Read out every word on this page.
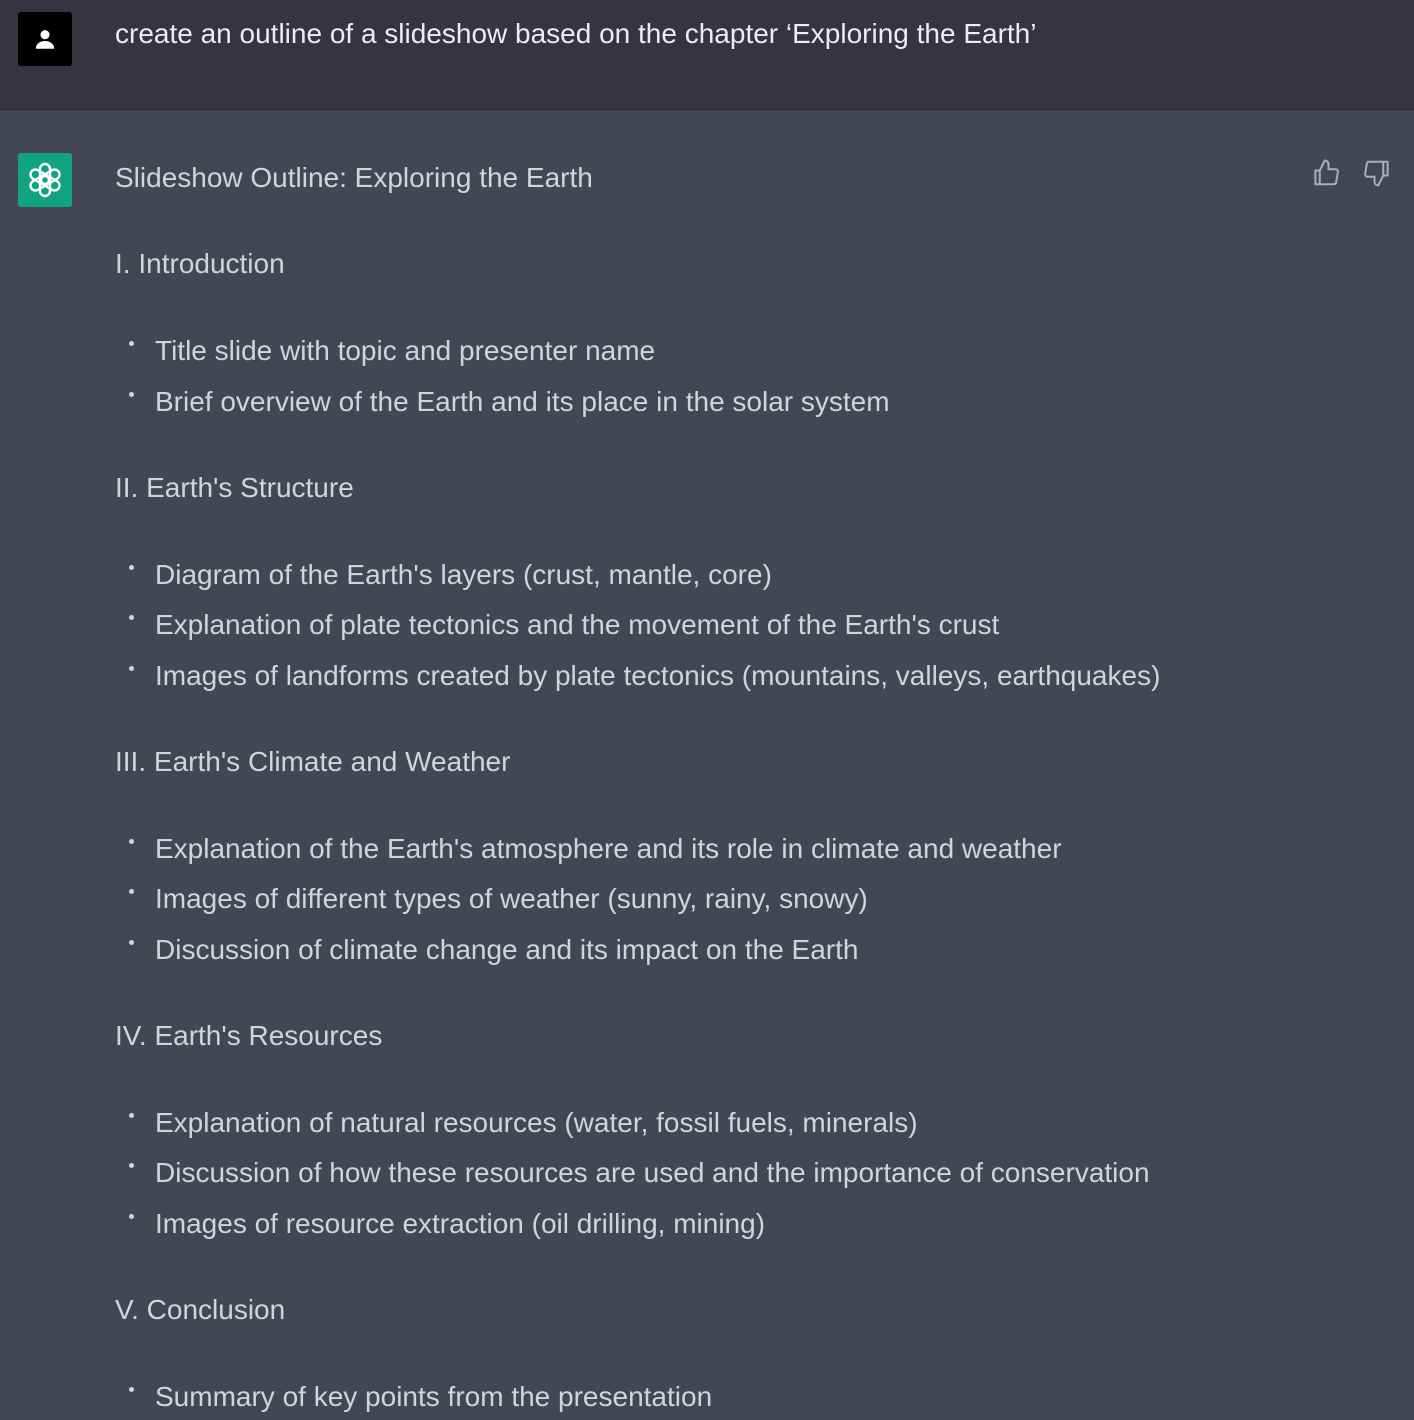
create an outline of a slideshow based on the chapter ‘Exploring the Earth’

Slideshow Outline: Exploring the Earth

I. Introduction

Title slide with topic and presenter name
Brief overview of the Earth and its place in the solar system

II. Earth's Structure

Diagram of the Earth's layers (crust, mantle, core)
Explanation of plate tectonics and the movement of the Earth's crust
Images of landforms created by plate tectonics (mountains, valleys, earthquakes)

III. Earth's Climate and Weather

Explanation of the Earth's atmosphere and its role in climate and weather
Images of different types of weather (sunny, rainy, snowy)
Discussion of climate change and its impact on the Earth

IV. Earth's Resources

Explanation of natural resources (water, fossil fuels, minerals)
Discussion of how these resources are used and the importance of conservation
Images of resource extraction (oil drilling, mining)

V. Conclusion

Summary of key points from the presentation
